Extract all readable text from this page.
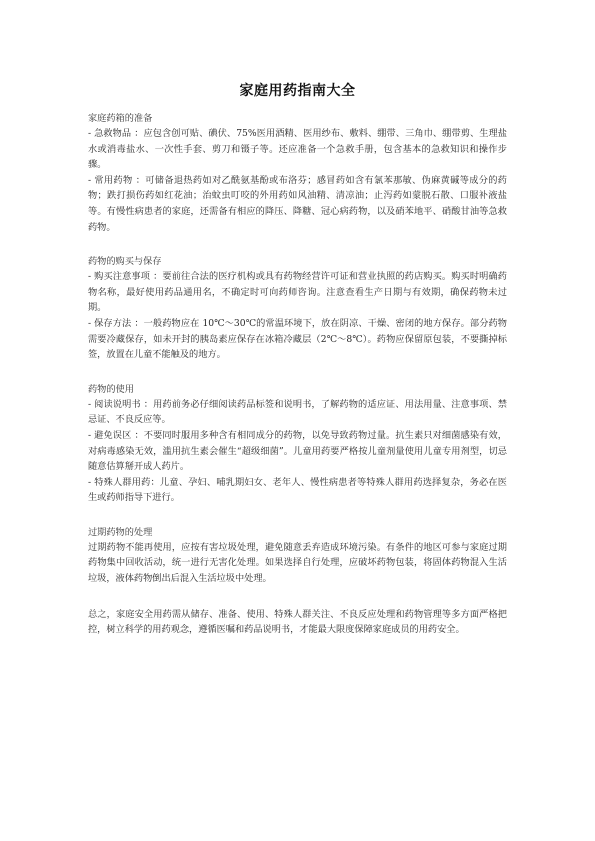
家庭用药指南大全

家庭药箱的准备

- 急救物品 ：应包含创可贴、碘伏、75%医用酒精、医用纱布、敷料、绷带、三角巾、绷带剪、生理盐水或消毒盐水、一次性手套、剪刀和镊子等。还应准备一个急救手册，包含基本的急救知识和操作步骤。

- 常用药物 ：可储备退热药如对乙酰氨基酚或布洛芬；感冒药如含有氯苯那敏、伪麻黄碱等成分的药物；跌打损伤药如红花油；治蚊虫叮咬的外用药如风油精、清凉油；止泻药如蒙脱石散、口服补液盐等。有慢性病患者的家庭，还需备有相应的降压、降糖、冠心病药物，以及硝苯地平、硝酸甘油等急救药物。

药物的购买与保存

- 购买注意事项 ：要前往合法的医疗机构或具有药物经营许可证和营业执照的药店购买。购买时明确药物名称，最好使用药品通用名，不确定时可向药师咨询。注意查看生产日期与有效期，确保药物未过期。

- 保存方法 ：一般药物应在 10℃～30℃的常温环境下，放在阴凉、干燥、密闭的地方保存。部分药物需要冷藏保存，如未开封的胰岛素应保存在冰箱冷藏层（2℃～8℃）。药物应保留原包装，不要撕掉标签，放置在儿童不能触及的地方。

药物的使用

- 阅读说明书 ：用药前务必仔细阅读药品标签和说明书，了解药物的适应证、用法用量、注意事项、禁忌证、不良反应等。

- 避免误区 ：不要同时服用多种含有相同成分的药物，以免导致药物过量。抗生素只对细菌感染有效，对病毒感染无效，滥用抗生素会催生“超级细菌”。儿童用药要严格按儿童剂量使用儿童专用剂型，切忌随意估算掰开成人药片。

- 特殊人群用药：儿童、孕妇、哺乳期妇女、老年人、慢性病患者等特殊人群用药选择复杂，务必在医生或药师指导下进行。

过期药物的处理

过期药物不能再使用，应按有害垃圾处理，避免随意丢弃造成环境污染。有条件的地区可参与家庭过期药物集中回收活动，统一进行无害化处理。如果选择自行处理，应破坏药物包装，将固体药物混入生活垃圾，液体药物倒出后混入生活垃圾中处理。

总之，家庭安全用药需从储存、准备、使用、特殊人群关注、不良反应处理和药物管理等多方面严格把控，树立科学的用药观念，遵循医嘱和药品说明书，才能最大限度保障家庭成员的用药安全。
